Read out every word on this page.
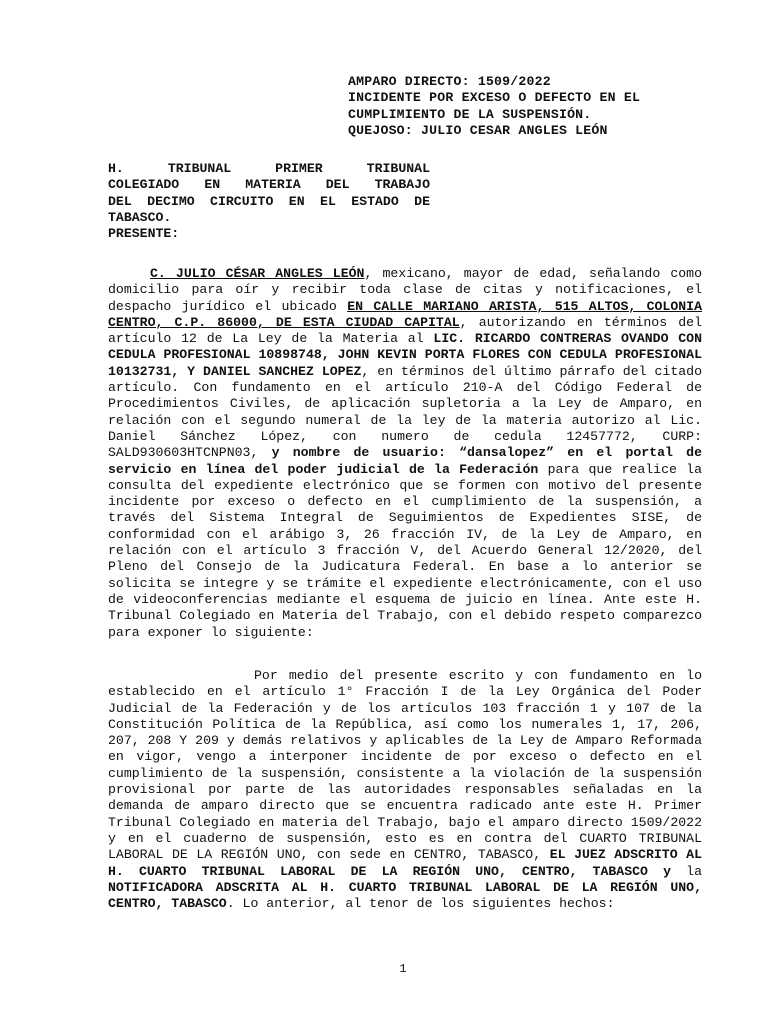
AMPARO DIRECTO: 1509/2022
INCIDENTE POR EXCESO O DEFECTO EN EL
CUMPLIMIENTO DE LA SUSPENSIÓN.
QUEJOSO: JULIO CESAR ANGLES LEÓN
H. TRIBUNAL PRIMER TRIBUNAL
COLEGIADO EN MATERIA DEL TRABAJO
DEL DECIMO CIRCUITO EN EL ESTADO DE
TABASCO.
PRESENTE:
C. JULIO CÉSAR ANGLES LEÓN, mexicano, mayor de edad, señalando como domicilio para oír y recibir toda clase de citas y notificaciones, el despacho jurídico el ubicado EN CALLE MARIANO ARISTA, 515 ALTOS, COLONIA CENTRO, C.P. 86000, DE ESTA CIUDAD CAPITAL, autorizando en términos del artículo 12 de La Ley de la Materia al LIC. RICARDO CONTRERAS OVANDO CON CEDULA PROFESIONAL 10898748, JOHN KEVIN PORTA FLORES CON CEDULA PROFESIONAL 10132731, Y DANIEL SANCHEZ LOPEZ, en términos del último párrafo del citado artículo. Con fundamento en el artículo 210-A del Código Federal de Procedimientos Civiles, de aplicación supletoria a la Ley de Amparo, en relación con el segundo numeral de la ley de la materia autorizo al Lic. Daniel Sánchez López, con numero de cedula 12457772, CURP: SALD930603HTCNPN03, y nombre de usuario: “dansalopez” en el portal de servicio en línea del poder judicial de la Federación para que realice la consulta del expediente electrónico que se formen con motivo del presente incidente por exceso o defecto en el cumplimiento de la suspensión, a través del Sistema Integral de Seguimientos de Expedientes SISE, de conformidad con el arábigo 3, 26 fracción IV, de la Ley de Amparo, en relación con el artículo 3 fracción V, del Acuerdo General 12/2020, del Pleno del Consejo de la Judicatura Federal. En base a lo anterior se solicita se integre y se trámite el expediente electrónicamente, con el uso de videoconferencias mediante el esquema de juicio en línea. Ante este H. Tribunal Colegiado en Materia del Trabajo, con el debido respeto comparezco para exponer lo siguiente:
Por medio del presente escrito y con fundamento en lo establecido en el artículo 1° Fracción I de la Ley Orgánica del Poder Judicial de la Federación y de los artículos 103 fracción 1 y 107 de la Constitución Política de la República, así como los numerales 1, 17, 206, 207, 208 Y 209 y demás relativos y aplicables de la Ley de Amparo Reformada en vigor, vengo a interponer incidente de por exceso o defecto en el cumplimiento de la suspensión, consistente a la violación de la suspensión provisional por parte de las autoridades responsables señaladas en la demanda de amparo directo que se encuentra radicado ante este H. Primer Tribunal Colegiado en materia del Trabajo, bajo el amparo directo 1509/2022 y en el cuaderno de suspensión, esto es en contra del CUARTO TRIBUNAL LABORAL DE LA REGIÓN UNO, con sede en CENTRO, TABASCO, EL JUEZ ADSCRITO AL H. CUARTO TRIBUNAL LABORAL DE LA REGIÓN UNO, CENTRO, TABASCO y la NOTIFICADORA ADSCRITA AL H. CUARTO TRIBUNAL LABORAL DE LA REGIÓN UNO, CENTRO, TABASCO. Lo anterior, al tenor de los siguientes hechos:
1
